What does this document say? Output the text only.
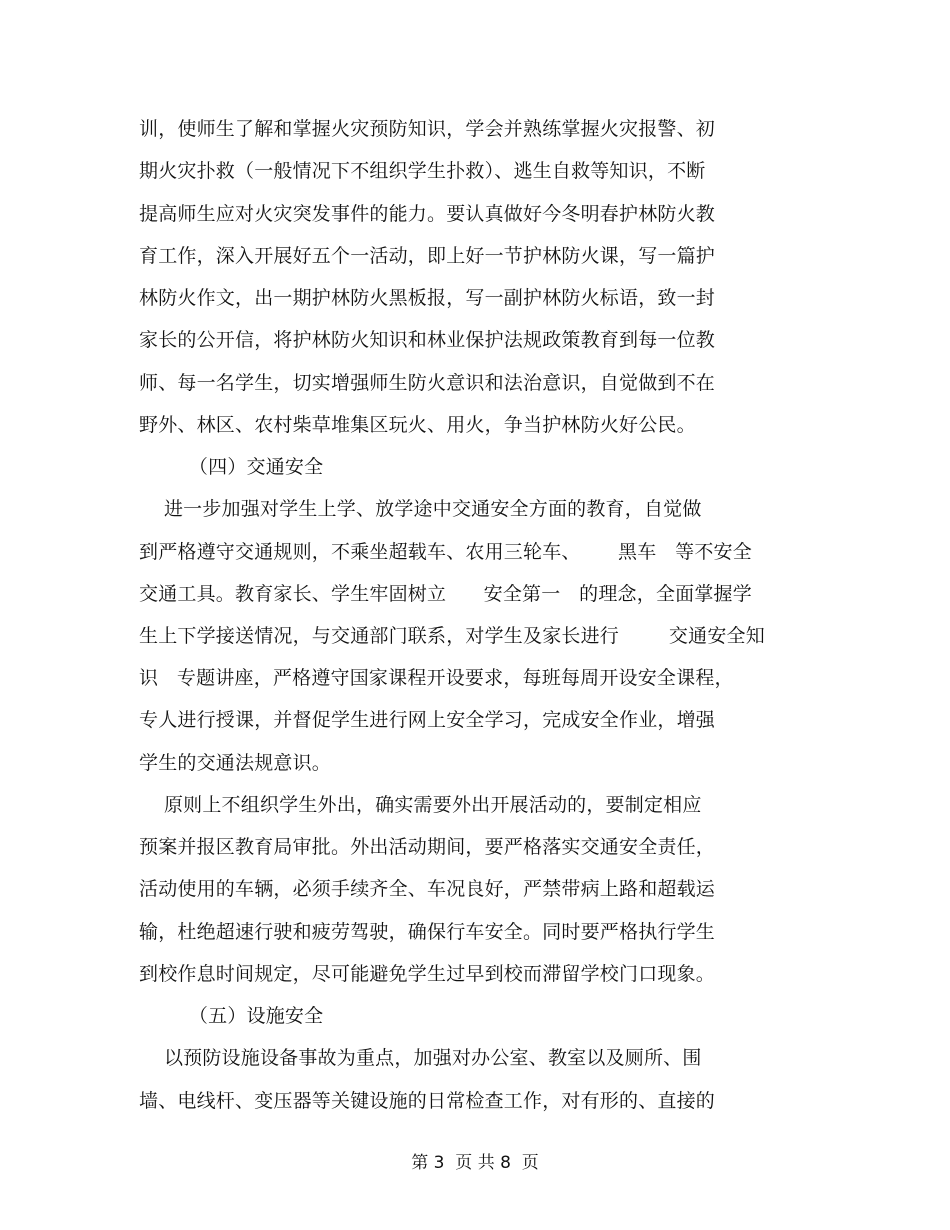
训，使师生了解和掌握火灾预防知识，学会并熟练掌握火灾报警、初
期火灾扑救（一般情况下不组织学生扑救）、逃生自救等知识，不断
提高师生应对火灾突发事件的能力。要认真做好今冬明春护林防火教
育工作，深入开展好五个一活动，即上好一节护林防火课，写一篇护
林防火作文，出一期护林防火黑板报，写一副护林防火标语，致一封
家长的公开信，将护林防火知识和林业保护法规政策教育到每一位教
师、每一名学生，切实增强师生防火意识和法治意识，自觉做到不在
野外、林区、农村柴草堆集区玩火、用火，争当护林防火好公民。
（四）交通安全
进一步加强对学生上学、放学途中交通安全方面的教育，自觉做
到严格遵守交通规则，不乘坐超载车、农用三轮车、      黑车   等不安全
交通工具。教育家长、学生牢固树立      安全第一   的理念，全面掌握学
生上下学接送情况，与交通部门联系，对学生及家长进行        交通安全知
识   专题讲座，严格遵守国家课程开设要求，每班每周开设安全课程，
专人进行授课，并督促学生进行网上安全学习，完成安全作业，增强
学生的交通法规意识。
原则上不组织学生外出，确实需要外出开展活动的，要制定相应
预案并报区教育局审批。外出活动期间，要严格落实交通安全责任，
活动使用的车辆，必须手续齐全、车况良好，严禁带病上路和超载运
输，杜绝超速行驶和疲劳驾驶，确保行车安全。同时要严格执行学生
到校作息时间规定，尽可能避免学生过早到校而滞留学校门口现象。
（五）设施安全
以预防设施设备事故为重点，加强对办公室、教室以及厕所、围
墙、电线杆、变压器等关键设施的日常检查工作，对有形的、直接的
第 3  页 共 8  页
